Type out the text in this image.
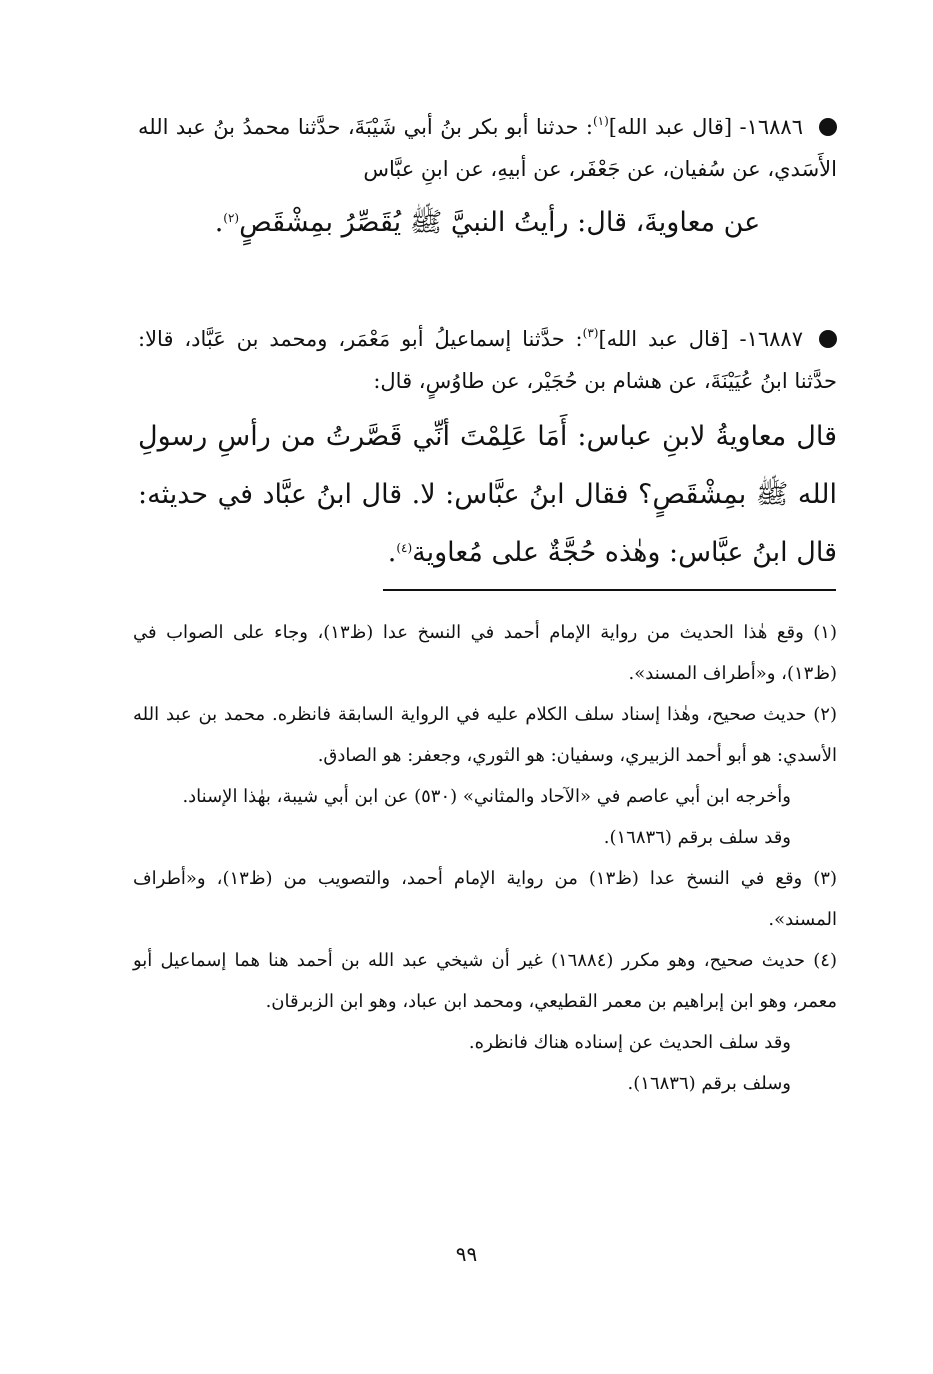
١٦٨٨٦- [قال عبد الله]$^{(١)}$: حدثنا أبو بكر بنُ أبي شَيْبَةَ، حدَّثنا محمدُ بنُ عبد الله الأَسَدي، عن سُفيان، عن جَعْفَر، عن أبيهِ، عن ابنِ عبَّاس
عن معاويةَ، قال: رأيتُ النبيَّ ﷺ يُقَصِّرُ بمِشْقَصٍ$^{(٢)}$.
١٦٨٨٧- [قال عبد الله]$^{(٣)}$: حدَّثنا إسماعيلُ أبو مَعْمَر، ومحمد بن عَبَّاد، قالا: حدَّثنا ابنُ عُيَيْنَةَ، عن هشام بن حُجَيْر، عن طاوُسٍ، قال:
قال معاويةُ لابنِ عباس: أَمَا عَلِمْتَ أنِّي قَصَّرتُ من رأسِ رسولِ الله ﷺ بمِشْقَصٍ؟ فقال ابنُ عبَّاس: لا. قال ابنُ عبَّاد في حديثه: قال ابنُ عبَّاس: وهٰذه حُجَّةٌ على مُعاوية$^{(٤)}$.

(١) وقع هٰذا الحديث من رواية الإمام أحمد في النسخ عدا (ظ١٣)، وجاء على الصواب في (ظ١٣)، و«أطراف المسند».

(٢) حديث صحيح، وهٰذا إسناد سلف الكلام عليه في الرواية السابقة فانظره. محمد بن عبد الله الأسدي: هو أبو أحمد الزبيري، وسفيان: هو الثوري، وجعفر: هو الصادق.

وأخرجه ابن أبي عاصم في «الآحاد والمثاني» (٥٣٠) عن ابن أبي شيبة، بهٰذا الإسناد.

وقد سلف برقم (١٦٨٣٦).

(٣) وقع في النسخ عدا (ظ١٣) من رواية الإمام أحمد، والتصويب من (ظ١٣)، و«أطراف المسند».

(٤) حديث صحيح، وهو مكرر (١٦٨٨٤) غير أن شيخي عبد الله بن أحمد هنا هما إسماعيل أبو معمر، وهو ابن إبراهيم بن معمر القطيعي، ومحمد ابن عباد، وهو ابن الزبرقان.

وقد سلف الحديث عن إسناده هناك فانظره.

وسلف برقم (١٦٨٣٦).

٩٩
